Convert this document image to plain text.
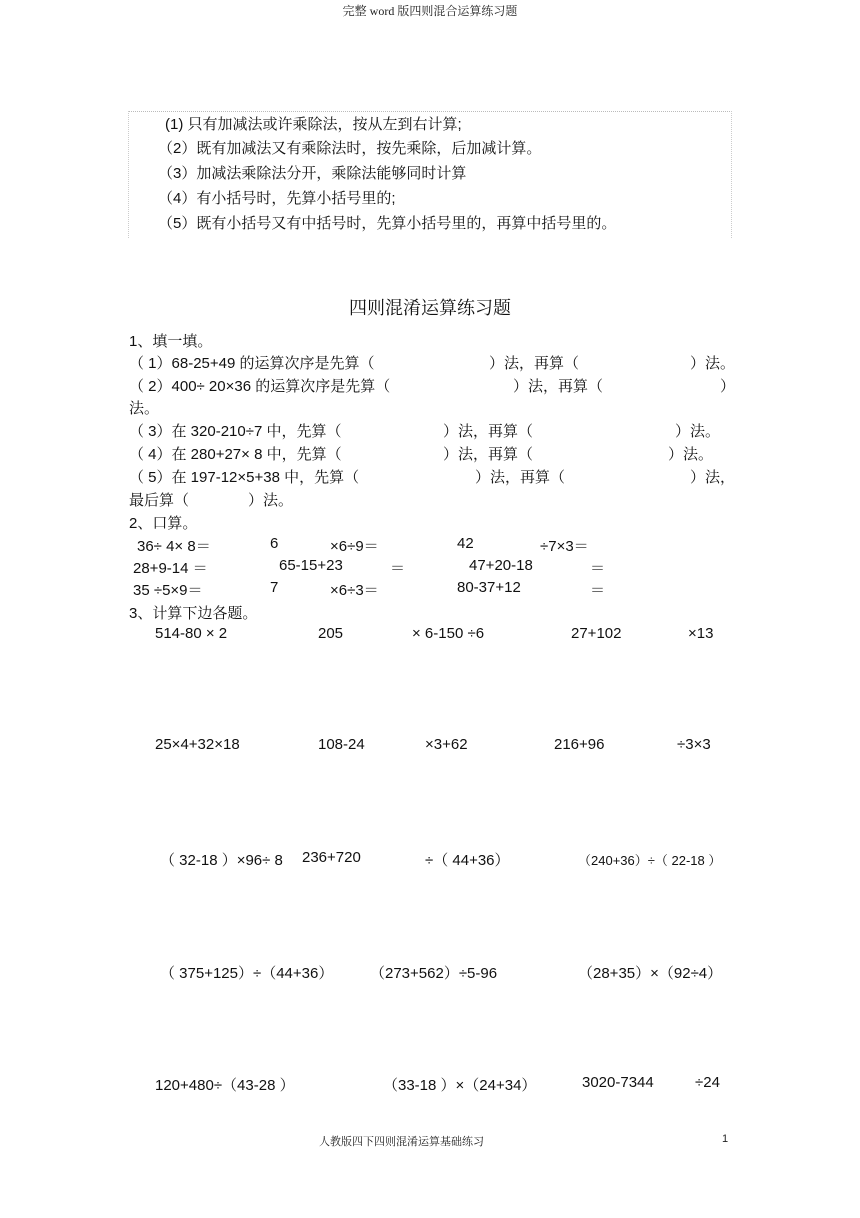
完整 word 版四则混合运算练习题
(1) 只有加减法或许乘除法，按从左到右计算;
（2）既有加减法又有乘除法时，按先乘除，后加减计算。
（3）加减法乘除法分开，乘除法能够同时计算
（4）有小括号时，先算小括号里的;
（5）既有小括号又有中括号时，先算小括号里的，再算中括号里的。
四则混淆运算练习题
1、填一填。
（ 1）68-25+49 的运算次序是先算（	）法，再算（	）法。
（ 2）400÷ 20×36 的运算次序是先算（	）法，再算（	）
法。
（ 3）在 320-210÷7 中，先算（	）法，再算（	）法。
（ 4）在 280+27× 8 中，先算（	）法，再算（	）法。
（ 5）在 197-12×5+38 中，先算（	）法，再算（	）法，
最后算（	）法。
2、口算。
36÷ 4× 8＝	6	×6÷9＝	42	÷7×3＝
28+9-14 ＝	65-15+23	＝	47+20-18	＝
35 ÷5×9＝	7	×6÷3＝	80-37+12	＝
3、计算下边各题。
514-80 × 2	205	× 6-150 ÷6	27+102	×13
25×4+32×18	108-24	×3+62	216+96	÷3×3
（ 32-18 ）×96÷ 8 236+720	÷（ 44+36）	（240+36）÷（ 22-18 ）
（ 375+125）÷（44+36） （273+562）÷5-96	（28+35）×（92÷4）
120+480÷（43-28 ）	（33-18 ）×（24+34）	3020-7344	÷24
人教版四下四则混淆运算基础练习	1
